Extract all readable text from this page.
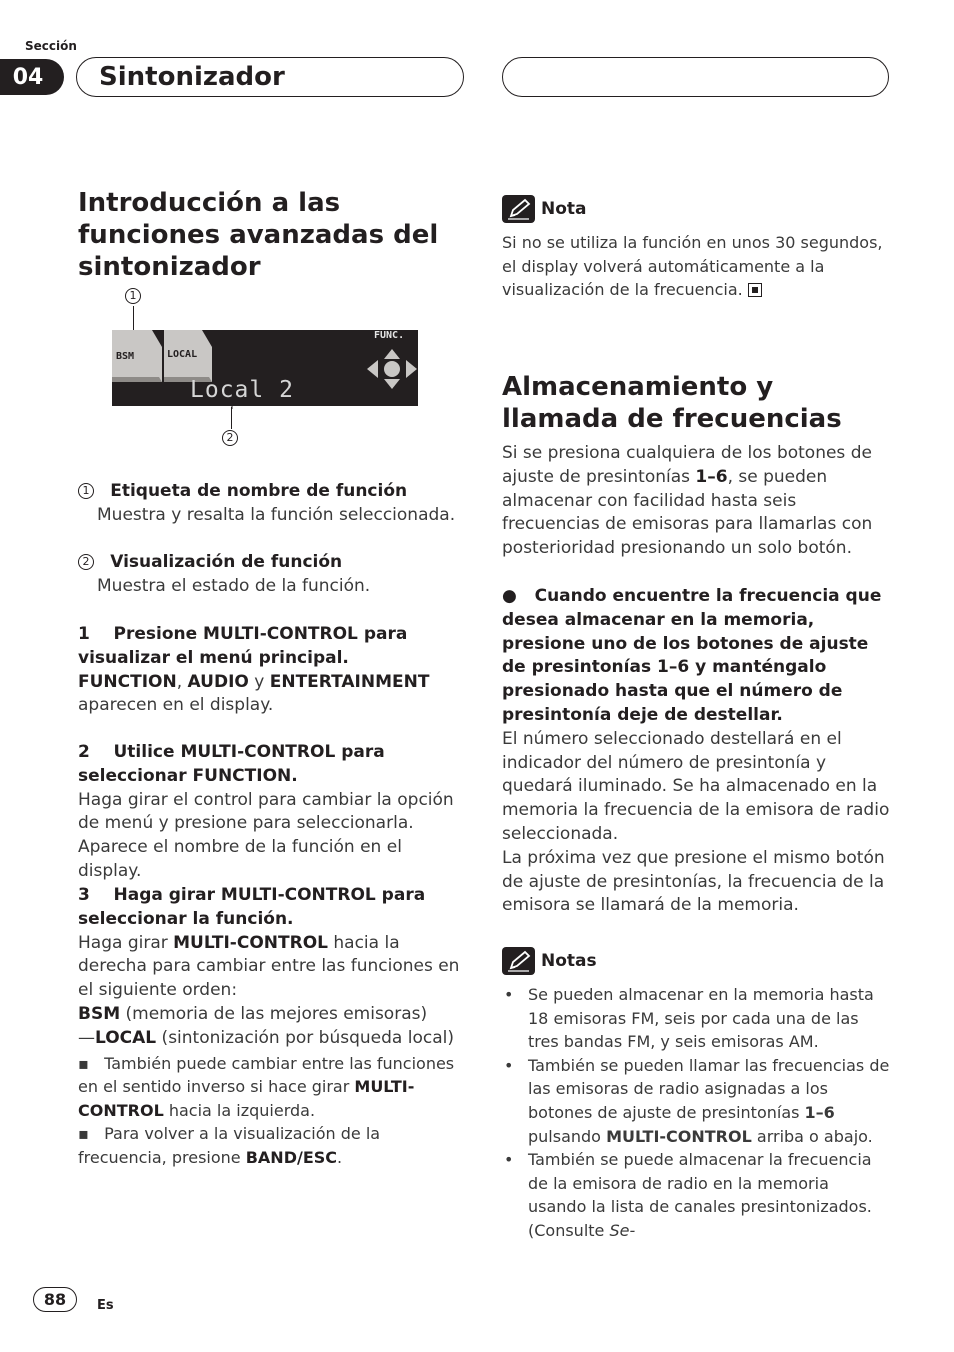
Sección
04	Sintonizador
Introducción a las funciones avanzadas del sintonizador
1
BSM	LOCAL
FUNC.
Local 2
2
1 Etiqueta de nombre de función
Muestra y resalta la función seleccionada.
2 Visualización de función
Muestra el estado de la función.
1    Presione MULTI-CONTROL para visualizar el menú principal.
FUNCTION, AUDIO y ENTERTAINMENT aparecen en el display.
2    Utilice MULTI-CONTROL para seleccionar FUNCTION.
Haga girar el control para cambiar la opción de menú y presione para seleccionarla. Aparece el nombre de la función en el display.
3    Haga girar MULTI-CONTROL para seleccionar la función.
Haga girar MULTI-CONTROL hacia la derecha para cambiar entre las funciones en el siguiente orden:
BSM (memoria de las mejores emisoras)
—LOCAL (sintonización por búsqueda local)
▪   También puede cambiar entre las funciones en el sentido inverso si hace girar MULTI-CONTROL hacia la izquierda.
▪   Para volver a la visualización de la frecuencia, presione BAND/ESC.
Nota
Si no se utiliza la función en unos 30 segundos, el display volverá automáticamente a la visualización de la frecuencia.
Almacenamiento y llamada de frecuencias
Si se presiona cualquiera de los botones de ajuste de presintonías 1–6, se pueden almacenar con facilidad hasta seis frecuencias de emisoras para llamarlas con posterioridad presionando un solo botón.
●   Cuando encuentre la frecuencia que desea almacenar en la memoria, presione uno de los botones de ajuste de presintonías 1–6 y manténgalo presionado hasta que el número de presintonía deje de destellar.
El número seleccionado destellará en el indicador del número de presintonía y quedará iluminado. Se ha almacenado en la memoria la frecuencia de la emisora de radio seleccionada.
La próxima vez que presione el mismo botón de ajuste de presintonías, la frecuencia de la emisora se llamará de la memoria.
Notas
• Se pueden almacenar en la memoria hasta 18 emisoras FM, seis por cada una de las tres bandas FM, y seis emisoras AM.
• También se pueden llamar las frecuencias de las emisoras de radio asignadas a los botones de ajuste de presintonías 1–6 pulsando MULTI-CONTROL arriba o abajo.
• También se puede almacenar la frecuencia de la emisora de radio en la memoria usando la lista de canales presintonizados. (Consulte Se-
88	Es
